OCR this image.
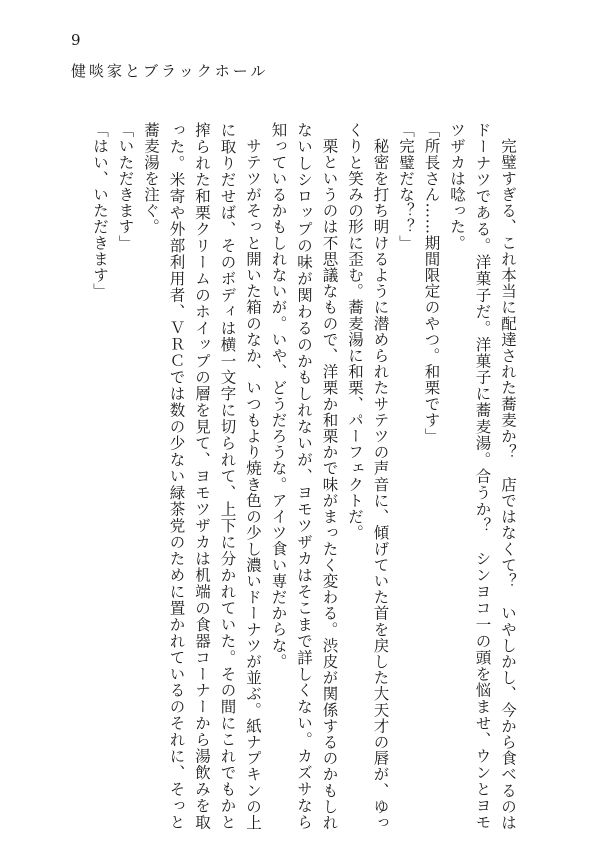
9
健啖家とブラックホール

完璧すぎる、これ本当に配達された蕎麦か？　店ではなくて？　いやしかし、今から食べるのはドーナツである。洋菓子だ。洋菓子に蕎麦湯。合うか？　シンヨコ一の頭を悩ませ、ウンとヨモツザカは唸った。

「所長さん……期間限定のやつ。和栗です」

「完璧だな？？」

秘密を打ち明けるように潜められたサテツの声音に、傾げていた首を戻した大天才の唇が、ゆっくりと笑みの形に歪む。蕎麦湯に和栗、パーフェクトだ。

栗というのは不思議なもので、洋栗か和栗かで味がまったく変わる。渋皮が関係するのかもしれないしシロップの味が関わるのかもしれないが、ヨモツザカはそこまで詳しくない。カズサなら知っているかもしれないが。いや、どうだろうな。アイツ食い専だからな。

サテツがそっと開いた箱のなか、いつもより焼き色の少し濃いドーナツが並ぶ。紙ナプキンの上に取りだせば、そのボディは横一文字に切られて、上下に分かれていた。その間にこれでもかと搾られた和栗クリームのホイップの層を見て、ヨモツザカは机端の食器コーナーから湯飲みを取った。米寄や外部利用者、ＶＲＣでは数の少ない緑茶党のために置かれているのそれに、そっと蕎麦湯を注ぐ。

「いただきます」

「はい、いただきます」
